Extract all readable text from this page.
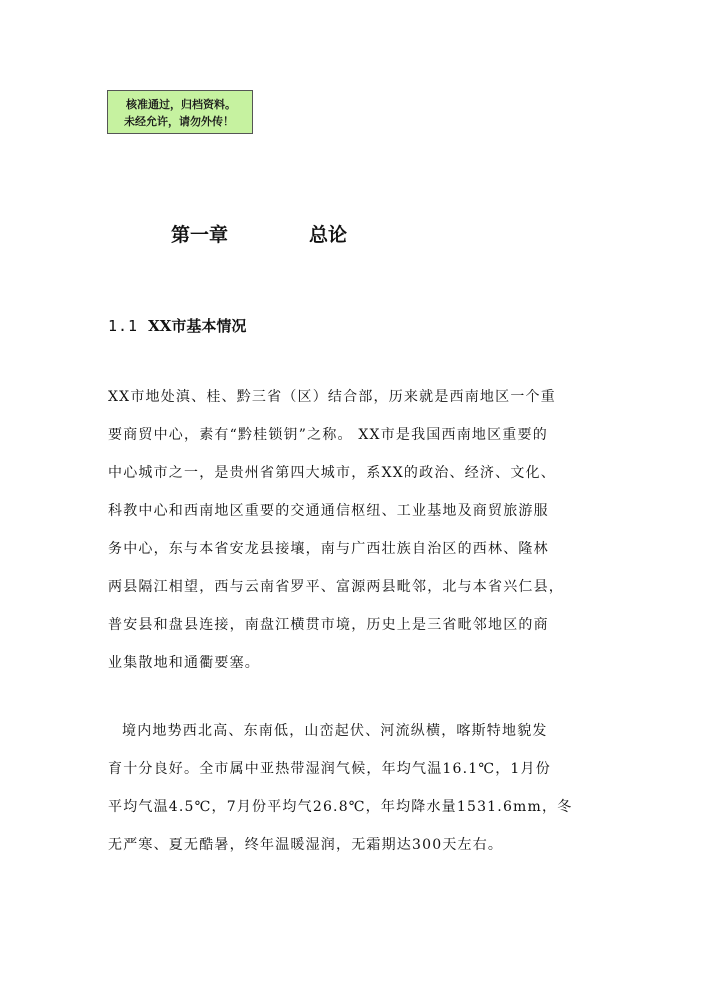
核准通过，归档资料。
未经允许，请勿外传！
第一章	总论
1.1 XX市基本情况

XX市地处滇、桂、黔三省（区）结合部，历来就是西南地区一个重
要商贸中心，素有“黔桂锁钥”之称。 XX市是我国西南地区重要的
中心城市之一，是贵州省第四大城市，系XX的政治、经济、文化、
科教中心和西南地区重要的交通通信枢纽、工业基地及商贸旅游服
务中心，东与本省安龙县接壤，南与广西壮族自治区的西林、隆林
两县隔江相望，西与云南省罗平、富源两县毗邻，北与本省兴仁县，
普安县和盘县连接，南盘江横贯市境，历史上是三省毗邻地区的商
业集散地和通衢要塞。

境内地势西北高、东南低，山峦起伏、河流纵横，喀斯特地貌发
育十分良好。全市属中亚热带湿润气候，年均气温16.1℃，1月份
平均气温4.5℃，7月份平均气26.8℃，年均降水量1531.6mm，冬
无严寒、夏无酷暑，终年温暖湿润，无霜期达300天左右。
